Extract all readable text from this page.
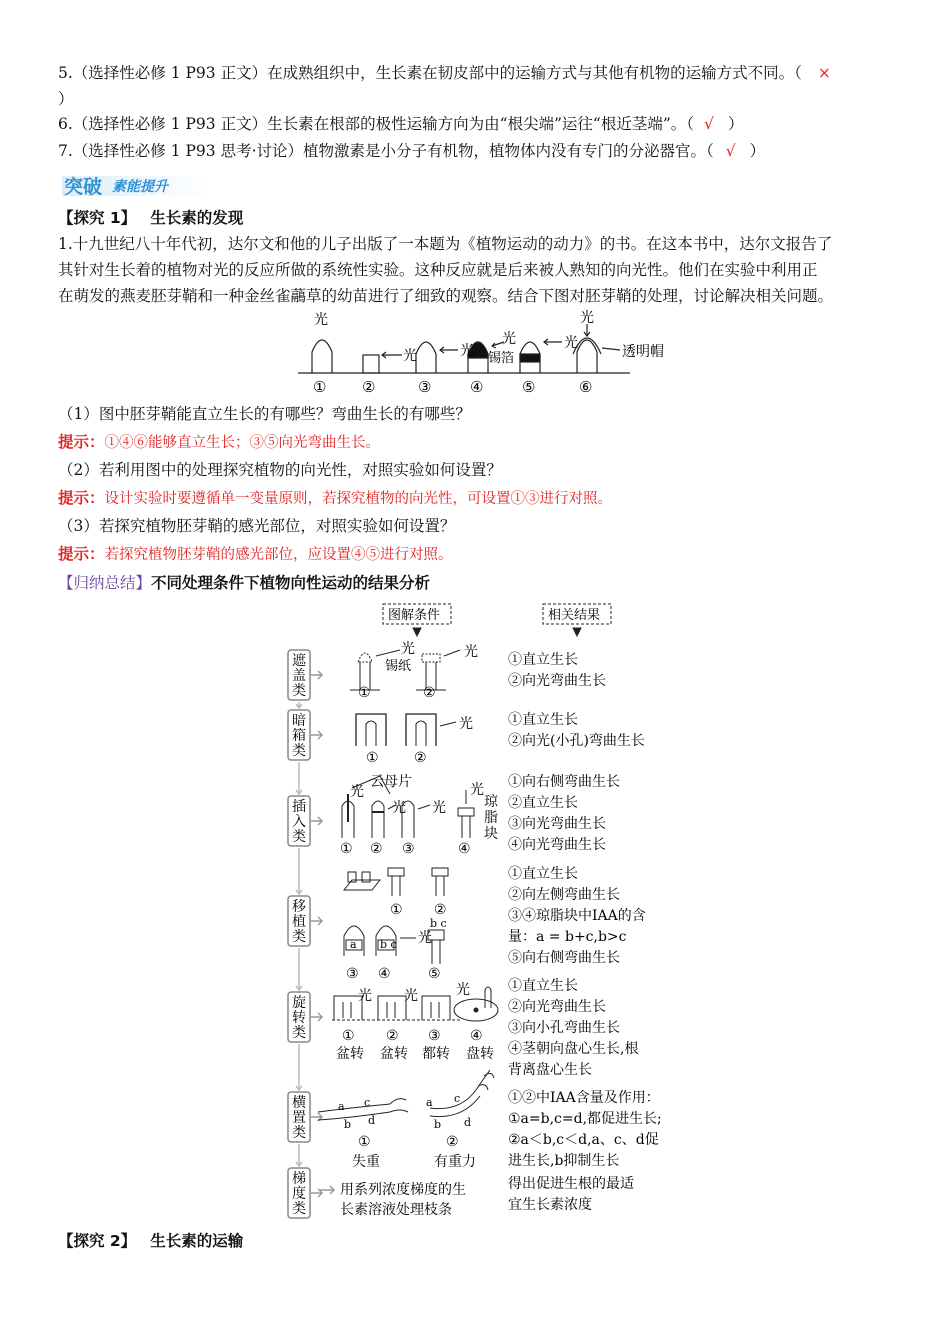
5.（选择性必修 1 P93 正文）在成熟组织中，生长素在韧皮部中的运输方式与其他有机物的运输方式不同。（ ×
）
6.（选择性必修 1 P93 正文）生长素在根部的极性运输方向为由“根尖端”运往“根近茎端”。（ √ ）
7.（选择性必修 1 P93 思考·讨论）植物激素是小分子有机物，植物体内没有专门的分泌器官。（ √ ）
突破 素能提升
【探究 1】 生长素的发现
1.十九世纪八十年代初，达尔文和他的儿子出版了一本题为《植物运动的动力》的书。在这本书中，达尔文报告了
其针对生长着的植物对光的反应所做的系统性实验。这种反应就是后来被人熟知的向光性。他们在实验中利用正
在萌发的燕麦胚芽鞘和一种金丝雀虉草的幼苗进行了细致的观察。结合下图对胚芽鞘的处理，讨论解决相关问题。
光
光	光
光
锡箔
光
光
透明帽
① ②	③	④	⑤	⑥
（1）图中胚芽鞘能直立生长的有哪些？弯曲生长的有哪些？
提示：①④⑥能够直立生长；③⑤向光弯曲生长。
（2）若利用图中的处理探究植物的向光性，对照实验如何设置？
提示：设计实验时要遵循单一变量原则，若探究植物的向光性，可设置①③进行对照。
（3）若探究植物胚芽鞘的感光部位，对照实验如何设置？
提示：若探究植物胚芽鞘的感光部位，应设置④⑤进行对照。
【归纳总结】不同处理条件下植物向性运动的结果分析
图解条件	相关结果
遮
盖
类
暗
箱
类
插
入
类
移
植
类
旋
转
类
横
置
类
梯
度
类
光	光
锡纸
①	②
光
①	②
云母片
光
光 光
光
琼
脂
块
① ② ③	④
① ②
a b c
b c
光
③ ④	⑤
光 光	光
① ② ③ ④
盆转 盆转 都转 盘转
a c
b d
a c
b d
①	②
失重	有重力
用系列浓度梯度的生
长素溶液处理枝条
①直立生长
②向光弯曲生长
①直立生长
②向光(小孔)弯曲生长
①向右侧弯曲生长
②直立生长
③向光弯曲生长
④向光弯曲生长
①直立生长
②向左侧弯曲生长
③④琼脂块中IAA的含
量：a = b+c,b>c
⑤向右侧弯曲生长
①直立生长
②向光弯曲生长
③向小孔弯曲生长
④茎朝向盘心生长,根
背离盘心生长
①②中IAA含量及作用：
①a=b,c=d,都促进生长;
②a＜b,c＜d,a、c、d促
进生长,b抑制生长
得出促进生根的最适
宜生长素浓度
【探究 2】 生长素的运输
